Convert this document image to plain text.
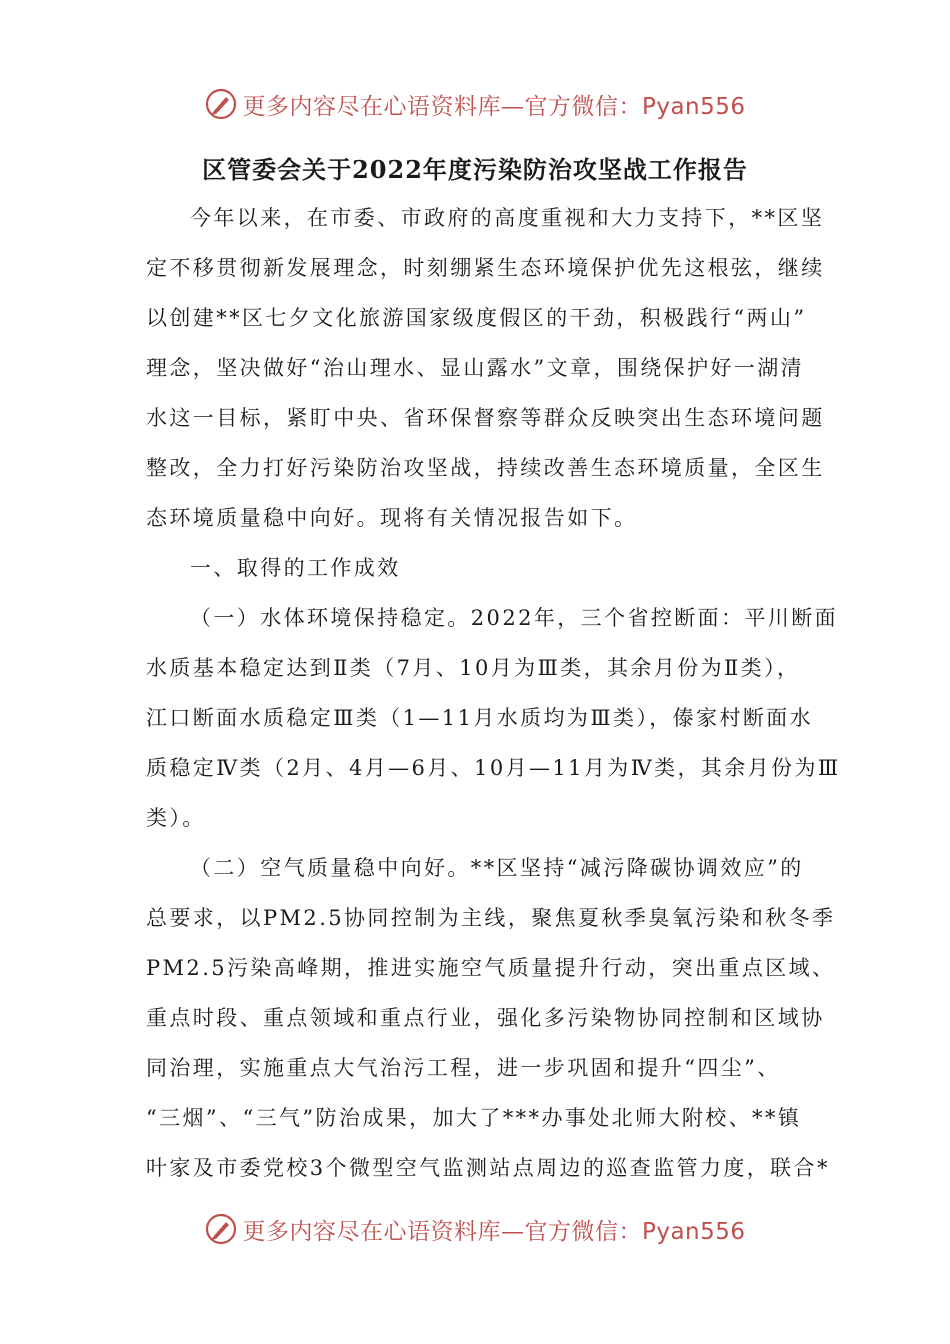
更多内容尽在心语资料库—官方微信：Pyan556
区管委会关于2022年度污染防治攻坚战工作报告
今年以来，在市委、市政府的高度重视和大力支持下，**区坚
定不移贯彻新发展理念，时刻绷紧生态环境保护优先这根弦，继续
以创建**区七夕文化旅游国家级度假区的干劲，积极践行“两山”
理念，坚决做好“治山理水、显山露水”文章，围绕保护好一湖清
水这一目标，紧盯中央、省环保督察等群众反映突出生态环境问题
整改，全力打好污染防治攻坚战，持续改善生态环境质量，全区生
态环境质量稳中向好。现将有关情况报告如下。
一、取得的工作成效
（一）水体环境保持稳定。2022年，三个省控断面：平川断面
水质基本稳定达到Ⅱ类（7月、10月为Ⅲ类，其余月份为Ⅱ类），
江口断面水质稳定Ⅲ类（1—11月水质均为Ⅲ类），傣家村断面水
质稳定Ⅳ类（2月、4月—6月、10月—11月为Ⅳ类，其余月份为Ⅲ
类）。
（二）空气质量稳中向好。**区坚持“减污降碳协调效应”的
总要求，以PM2.5协同控制为主线，聚焦夏秋季臭氧污染和秋冬季
PM2.5污染高峰期，推进实施空气质量提升行动，突出重点区域、
重点时段、重点领域和重点行业，强化多污染物协同控制和区域协
同治理，实施重点大气治污工程，进一步巩固和提升“四尘”、
“三烟”、“三气”防治成果，加大了***办事处北师大附校、**镇
叶家及市委党校3个微型空气监测站点周边的巡查监管力度，联合*
更多内容尽在心语资料库—官方微信：Pyan556
